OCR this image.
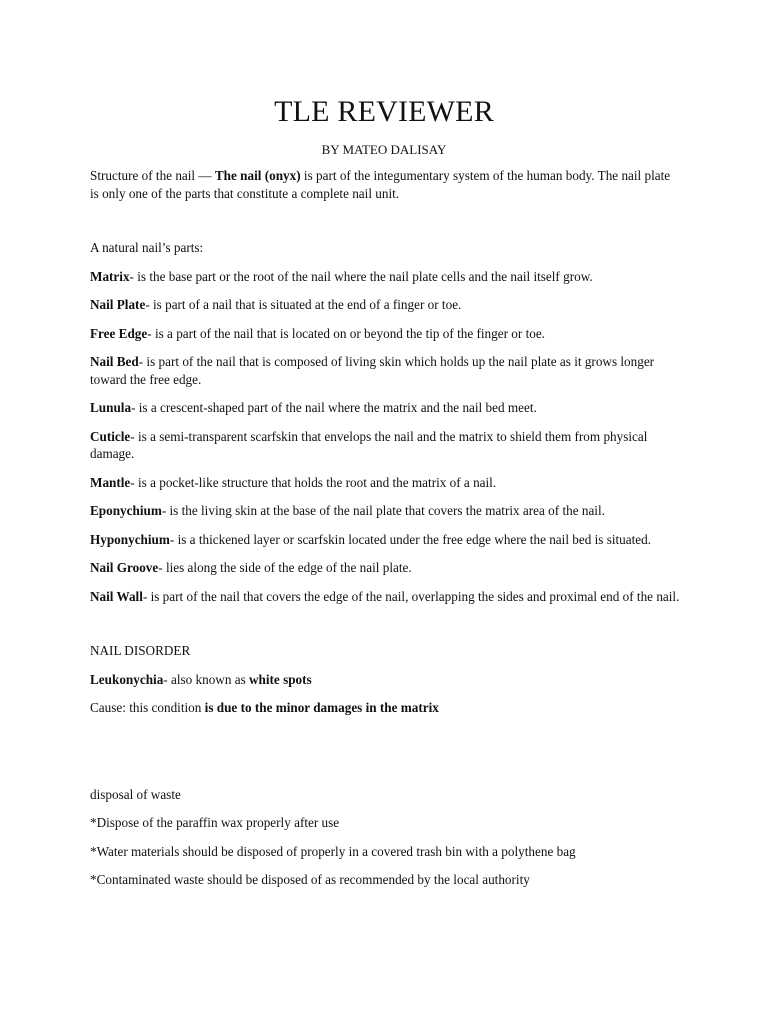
TLE REVIEWER
BY MATEO DALISAY

Structure of the nail — The nail (onyx) is part of the integumentary system of the human body. The nail plate is only one of the parts that constitute a complete nail unit.

A natural nail’s parts:

Matrix- is the base part or the root of the nail where the nail plate cells and the nail itself grow.

Nail Plate- is part of a nail that is situated at the end of a finger or toe.

Free Edge- is a part of the nail that is located on or beyond the tip of the finger or toe.

Nail Bed- is part of the nail that is composed of living skin which holds up the nail plate as it grows longer toward the free edge.

Lunula- is a crescent-shaped part of the nail where the matrix and the nail bed meet.

Cuticle- is a semi-transparent scarfskin that envelops the nail and the matrix to shield them from physical damage.

Mantle- is a pocket-like structure that holds the root and the matrix of a nail.

Eponychium- is the living skin at the base of the nail plate that covers the matrix area of the nail.

Hyponychium- is a thickened layer or scarfskin located under the free edge where the nail bed is situated.

Nail Groove- lies along the side of the edge of the nail plate.

Nail Wall- is part of the nail that covers the edge of the nail, overlapping the sides and proximal end of the nail.

NAIL DISORDER

Leukonychia- also known as white spots

Cause: this condition is due to the minor damages in the matrix

disposal of waste

*Dispose of the paraffin wax properly after use

*Water materials should be disposed of properly in a covered trash bin with a polythene bag

*Contaminated waste should be disposed of as recommended by the local authority
